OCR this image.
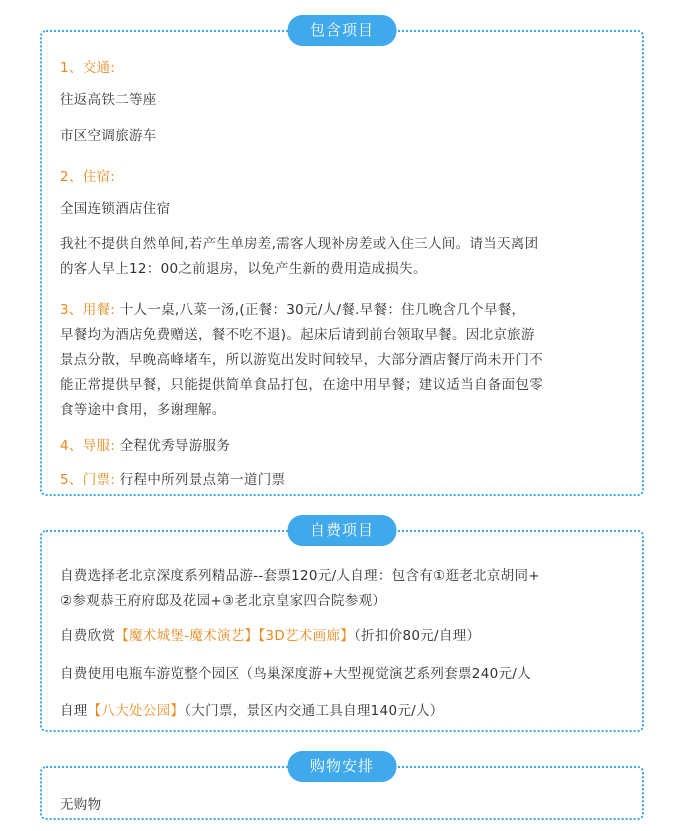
包含项目
1、交通:
往返高铁二等座
市区空调旅游车
2、住宿:
全国连锁酒店住宿
我社不提供自然单间,若产生单房差,需客人现补房差或入住三人间。请当天离团
的客人早上12：00之前退房，以免产生新的费用造成损失。
3、用餐: 十人一桌,八菜一汤,(正餐：30元/人/餐.早餐：住几晚含几个早餐，
早餐均为酒店免费赠送，餐不吃不退)。起床后请到前台领取早餐。因北京旅游
景点分散，早晚高峰堵车，所以游览出发时间较早，大部分酒店餐厅尚未开门不
能正常提供早餐，只能提供简单食品打包，在途中用早餐；建议适当自备面包零
食等途中食用，多谢理解。
4、导服: 全程优秀导游服务
5、门票: 行程中所列景点第一道门票
自费项目
自费选择老北京深度系列精品游--套票120元/人自理：包含有①逛老北京胡同+
②参观恭王府府邸及花园+③老北京皇家四合院参观）
自费欣赏【魔术城堡-魔术演艺】【3D艺术画廊】（折扣价80元/自理）
自费使用电瓶车游览整个园区（鸟巢深度游+大型视觉演艺系列套票240元/人
自理【八大处公园】（大门票，景区内交通工具自理140元/人）
购物安排
无购物
